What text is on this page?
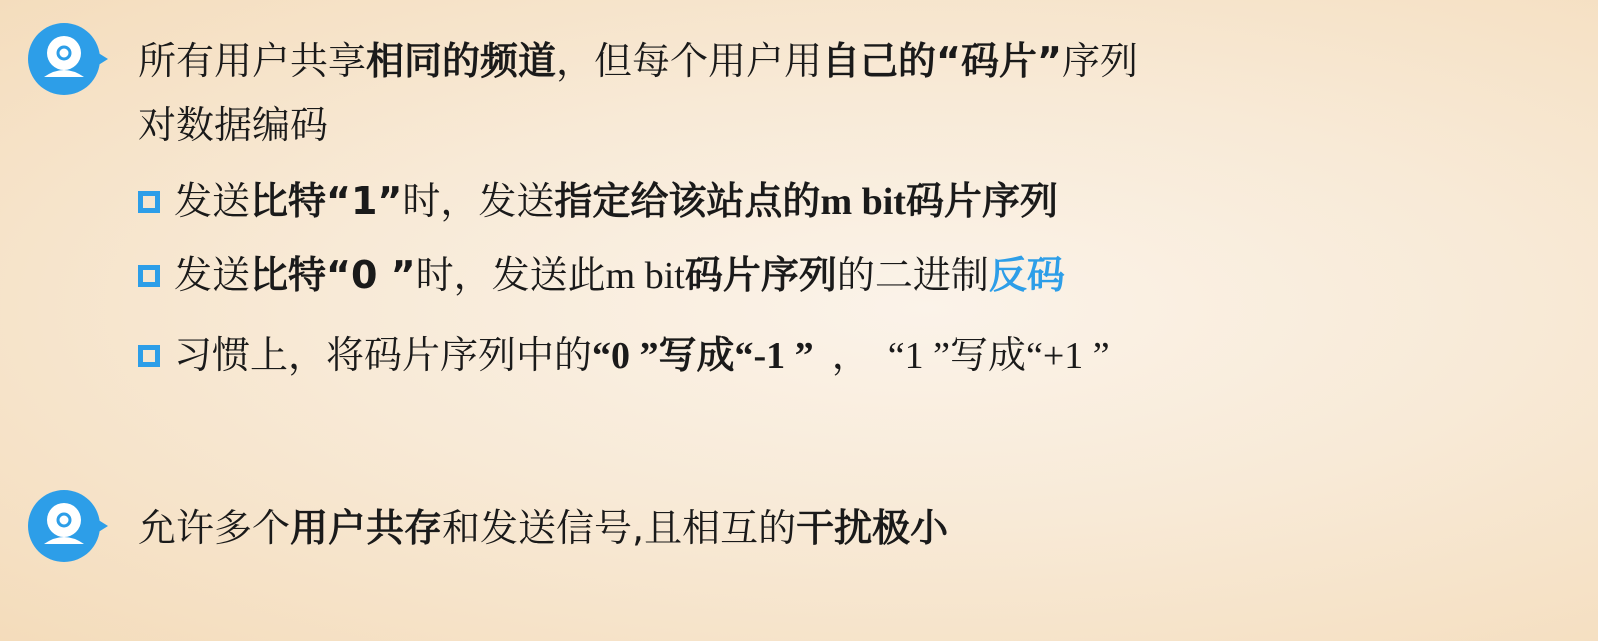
所有用户共享相同的频道，但每个用户用自己的“码片”序列
对数据编码
发送比特“1”时，发送指定给该站点的m bit码片序列
发送比特“0 ”时，发送此m bit码片序列的二进制反码
习惯上，将码片序列中的“0 ”写成“-1 ” ， “1 ”写成“+1 ”
允许多个用户共存和发送信号,且相互的干扰极小
